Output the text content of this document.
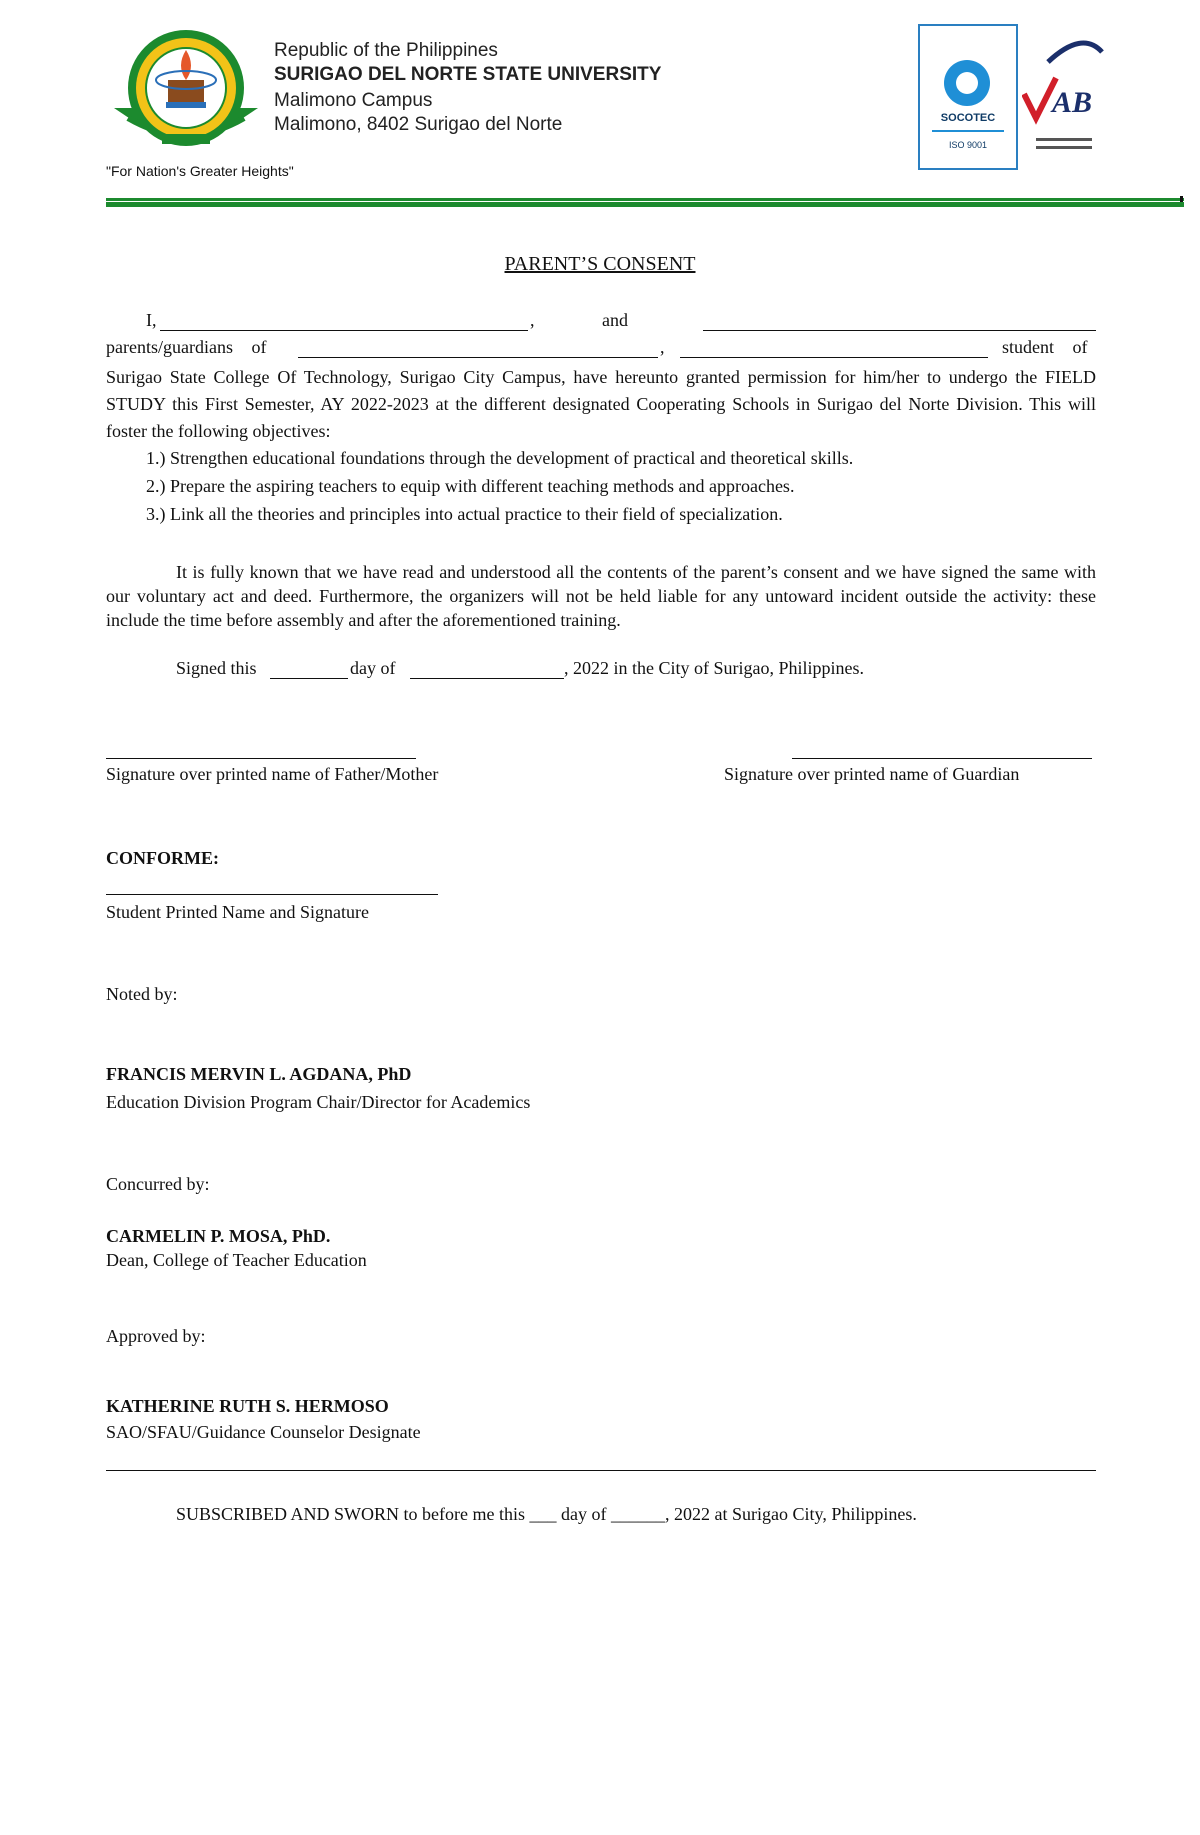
Republic of the Philippines
SURIGAO DEL NORTE STATE UNIVERSITY
Malimono Campus
Malimono, 8402 Surigao del Norte
"For Nation's Greater Heights"
SOCOTEC
ISO 9001
AB
PARENT’S CONSENT
I,	,	and
parents/guardians of	,	student of
Surigao State College Of Technology, Surigao City Campus, have hereunto granted permission for him/her to undergo the FIELD STUDY this First Semester, AY 2022-2023 at the different designated Cooperating Schools in Surigao del Norte Division. This will foster the following objectives:
1.) Strengthen educational foundations through the development of practical and theoretical skills.
2.) Prepare the aspiring teachers to equip with different teaching methods and approaches.
3.) Link all the theories and principles into actual practice to their field of specialization.
It is fully known that we have read and understood all the contents of the parent’s consent and we have signed the same with our voluntary act and deed. Furthermore, the organizers will not be held liable for any untoward incident outside the activity: these include the time before assembly and after the aforementioned training.
Signed this	day of	, 2022 in the City of Surigao, Philippines.
Signature over printed name of Father/Mother	Signature over printed name of Guardian
CONFORME:
Student Printed Name and Signature
Noted by:
FRANCIS MERVIN L. AGDANA, PhD
Education Division Program Chair/Director for Academics
Concurred by:
CARMELIN P. MOSA, PhD.
Dean, College of Teacher Education
Approved by:
KATHERINE RUTH S. HERMOSO
SAO/SFAU/Guidance Counselor Designate
SUBSCRIBED AND SWORN to before me this ___ day of ______, 2022 at Surigao City, Philippines.
